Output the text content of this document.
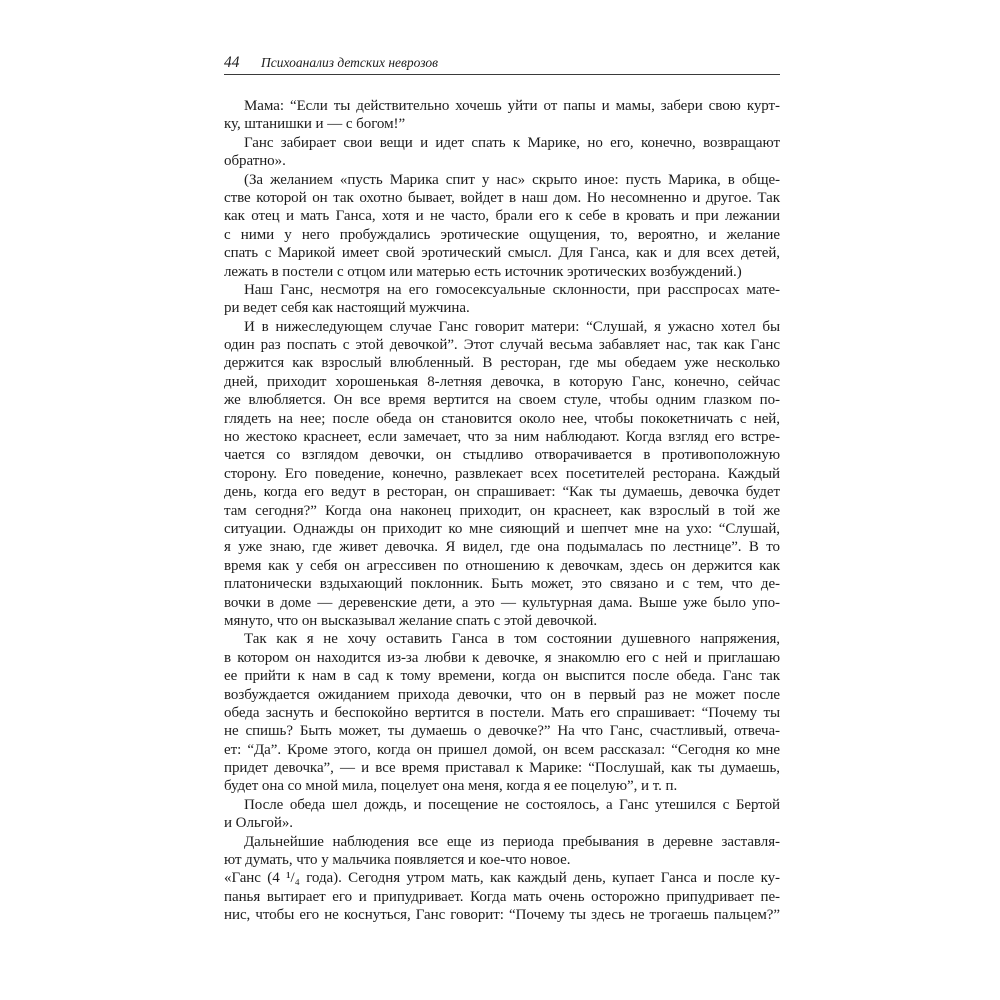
44 Психоанализ детских неврозов
Мама: “Если ты действительно хочешь уйти от папы и мамы, забери свою курт-
ку, штанишки и — с богом!”
Ганс забирает свои вещи и идет спать к Марике, но его, конечно, возвращают
обратно».
(За желанием «пусть Марика спит у нас» скрыто иное: пусть Марика, в обще-
стве которой он так охотно бывает, войдет в наш дом. Но несомненно и другое. Так
как отец и мать Ганса, хотя и не часто, брали его к себе в кровать и при лежании
с ними у него пробуждались эротические ощущения, то, вероятно, и желание
спать с Марикой имеет свой эротический смысл. Для Ганса, как и для всех детей,
лежать в постели с отцом или матерью есть источник эротических возбуждений.)
Наш Ганс, несмотря на его гомосексуальные склонности, при расспросах мате-
ри ведет себя как настоящий мужчина.
И в нижеследующем случае Ганс говорит матери: “Слушай, я ужасно хотел бы
один раз поспать с этой девочкой”. Этот случай весьма забавляет нас, так как Ганс
держится как взрослый влюбленный. В ресторан, где мы обедаем уже несколько
дней, приходит хорошенькая 8-летняя девочка, в которую Ганс, конечно, сейчас
же влюбляется. Он все время вертится на своем стуле, чтобы одним глазком по-
глядеть на нее; после обеда он становится около нее, чтобы пококетничать с ней,
но жестоко краснеет, если замечает, что за ним наблюдают. Когда взгляд его встре-
чается со взглядом девочки, он стыдливо отворачивается в противоположную
сторону. Его поведение, конечно, развлекает всех посетителей ресторана. Каждый
день, когда его ведут в ресторан, он спрашивает: “Как ты думаешь, девочка будет
там сегодня?” Когда она наконец приходит, он краснеет, как взрослый в той же
ситуации. Однажды он приходит ко мне сияющий и шепчет мне на ухо: “Слушай,
я уже знаю, где живет девочка. Я видел, где она подымалась по лестнице”. В то
время как у себя он агрессивен по отношению к девочкам, здесь он держится как
платонически вздыхающий поклонник. Быть может, это связано и с тем, что де-
вочки в доме — деревенские дети, а это — культурная дама. Выше уже было упо-
мянуто, что он высказывал желание спать с этой девочкой.
Так как я не хочу оставить Ганса в том состоянии душевного напряжения,
в котором он находится из-за любви к девочке, я знакомлю его с ней и приглашаю
ее прийти к нам в сад к тому времени, когда он выспится после обеда. Ганс так
возбуждается ожиданием прихода девочки, что он в первый раз не может после
обеда заснуть и беспокойно вертится в постели. Мать его спрашивает: “Почему ты
не спишь? Быть может, ты думаешь о девочке?” На что Ганс, счастливый, отвеча-
ет: “Да”. Кроме этого, когда он пришел домой, он всем рассказал: “Сегодня ко мне
придет девочка”, — и все время приставал к Марике: “Послушай, как ты думаешь,
будет она со мной мила, поцелует она меня, когда я ее поцелую”, и т. п.
После обеда шел дождь, и посещение не состоялось, а Ганс утешился с Бертой
и Ольгой».
Дальнейшие наблюдения все еще из периода пребывания в деревне заставля-
ют думать, что у мальчика появляется и кое-что новое.
«Ганс (4 ¹/₄ года). Сегодня утром мать, как каждый день, купает Ганса и после ку-
панья вытирает его и припудривает. Когда мать очень осторожно припудривает пе-
нис, чтобы его не коснуться, Ганс говорит: “Почему ты здесь не трогаешь пальцем?”
